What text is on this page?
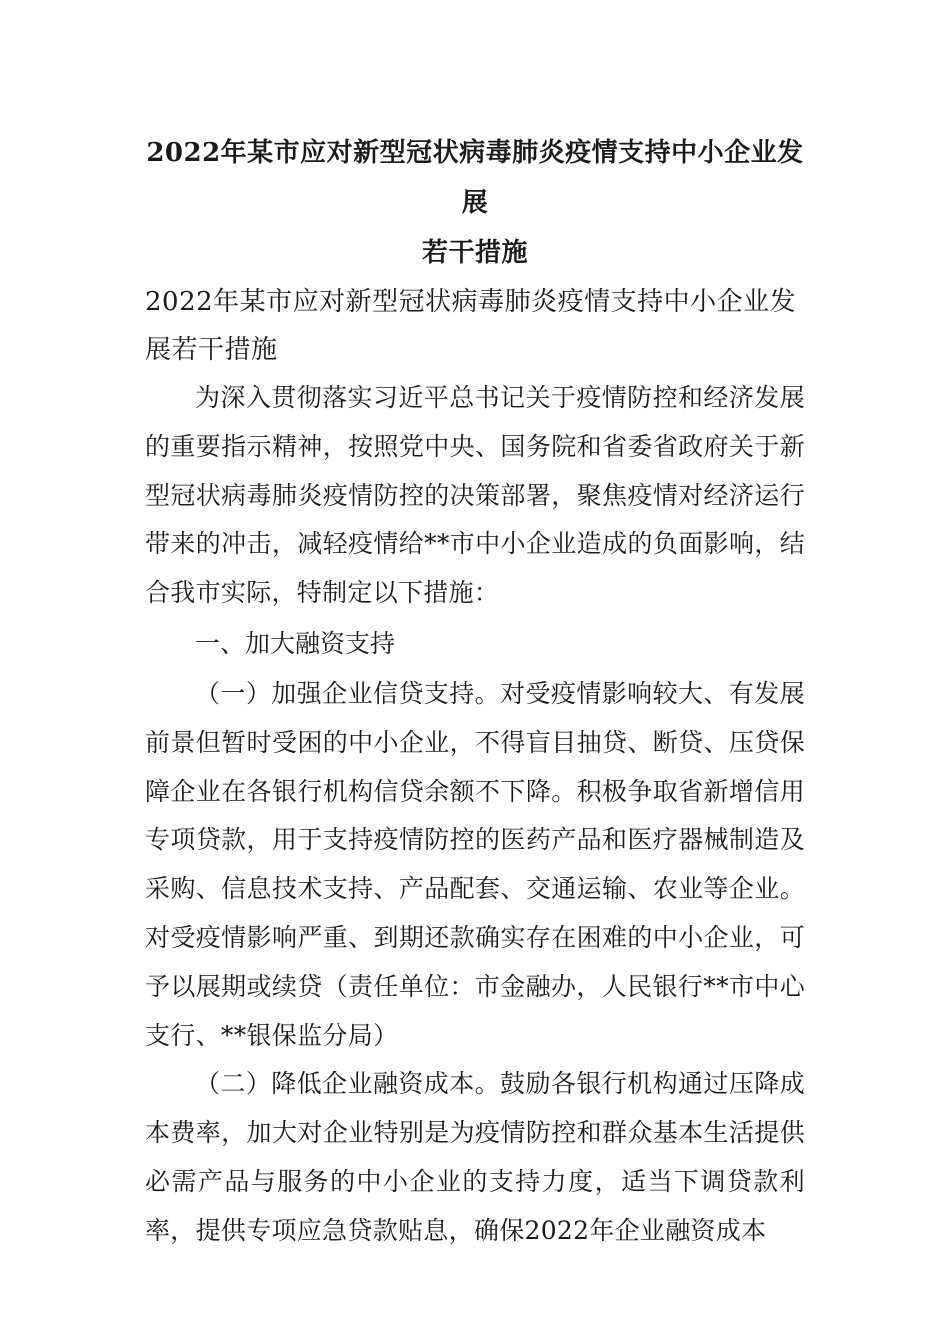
2022年某市应对新型冠状病毒肺炎疫情支持中小企业发展
若干措施

2022年某市应对新型冠状病毒肺炎疫情支持中小企业发展若干措施

为深入贯彻落实习近平总书记关于疫情防控和经济发展的重要指示精神，按照党中央、国务院和省委省政府关于新型冠状病毒肺炎疫情防控的决策部署，聚焦疫情对经济运行带来的冲击，减轻疫情给**市中小企业造成的负面影响，结合我市实际，特制定以下措施：

一、加大融资支持

（一）加强企业信贷支持。对受疫情影响较大、有发展前景但暂时受困的中小企业，不得盲目抽贷、断贷、压贷保障企业在各银行机构信贷余额不下降。积极争取省新增信用专项贷款，用于支持疫情防控的医药产品和医疗器械制造及采购、信息技术支持、产品配套、交通运输、农业等企业。对受疫情影响严重、到期还款确实存在困难的中小企业，可予以展期或续贷（责任单位：市金融办，人民银行**市中心支行、**银保监分局）

（二）降低企业融资成本。鼓励各银行机构通过压降成本费率，加大对企业特别是为疫情防控和群众基本生活提供必需产品与服务的中小企业的支持力度，适当下调贷款利率，提供专项应急贷款贴息，确保2022年企业融资成本
